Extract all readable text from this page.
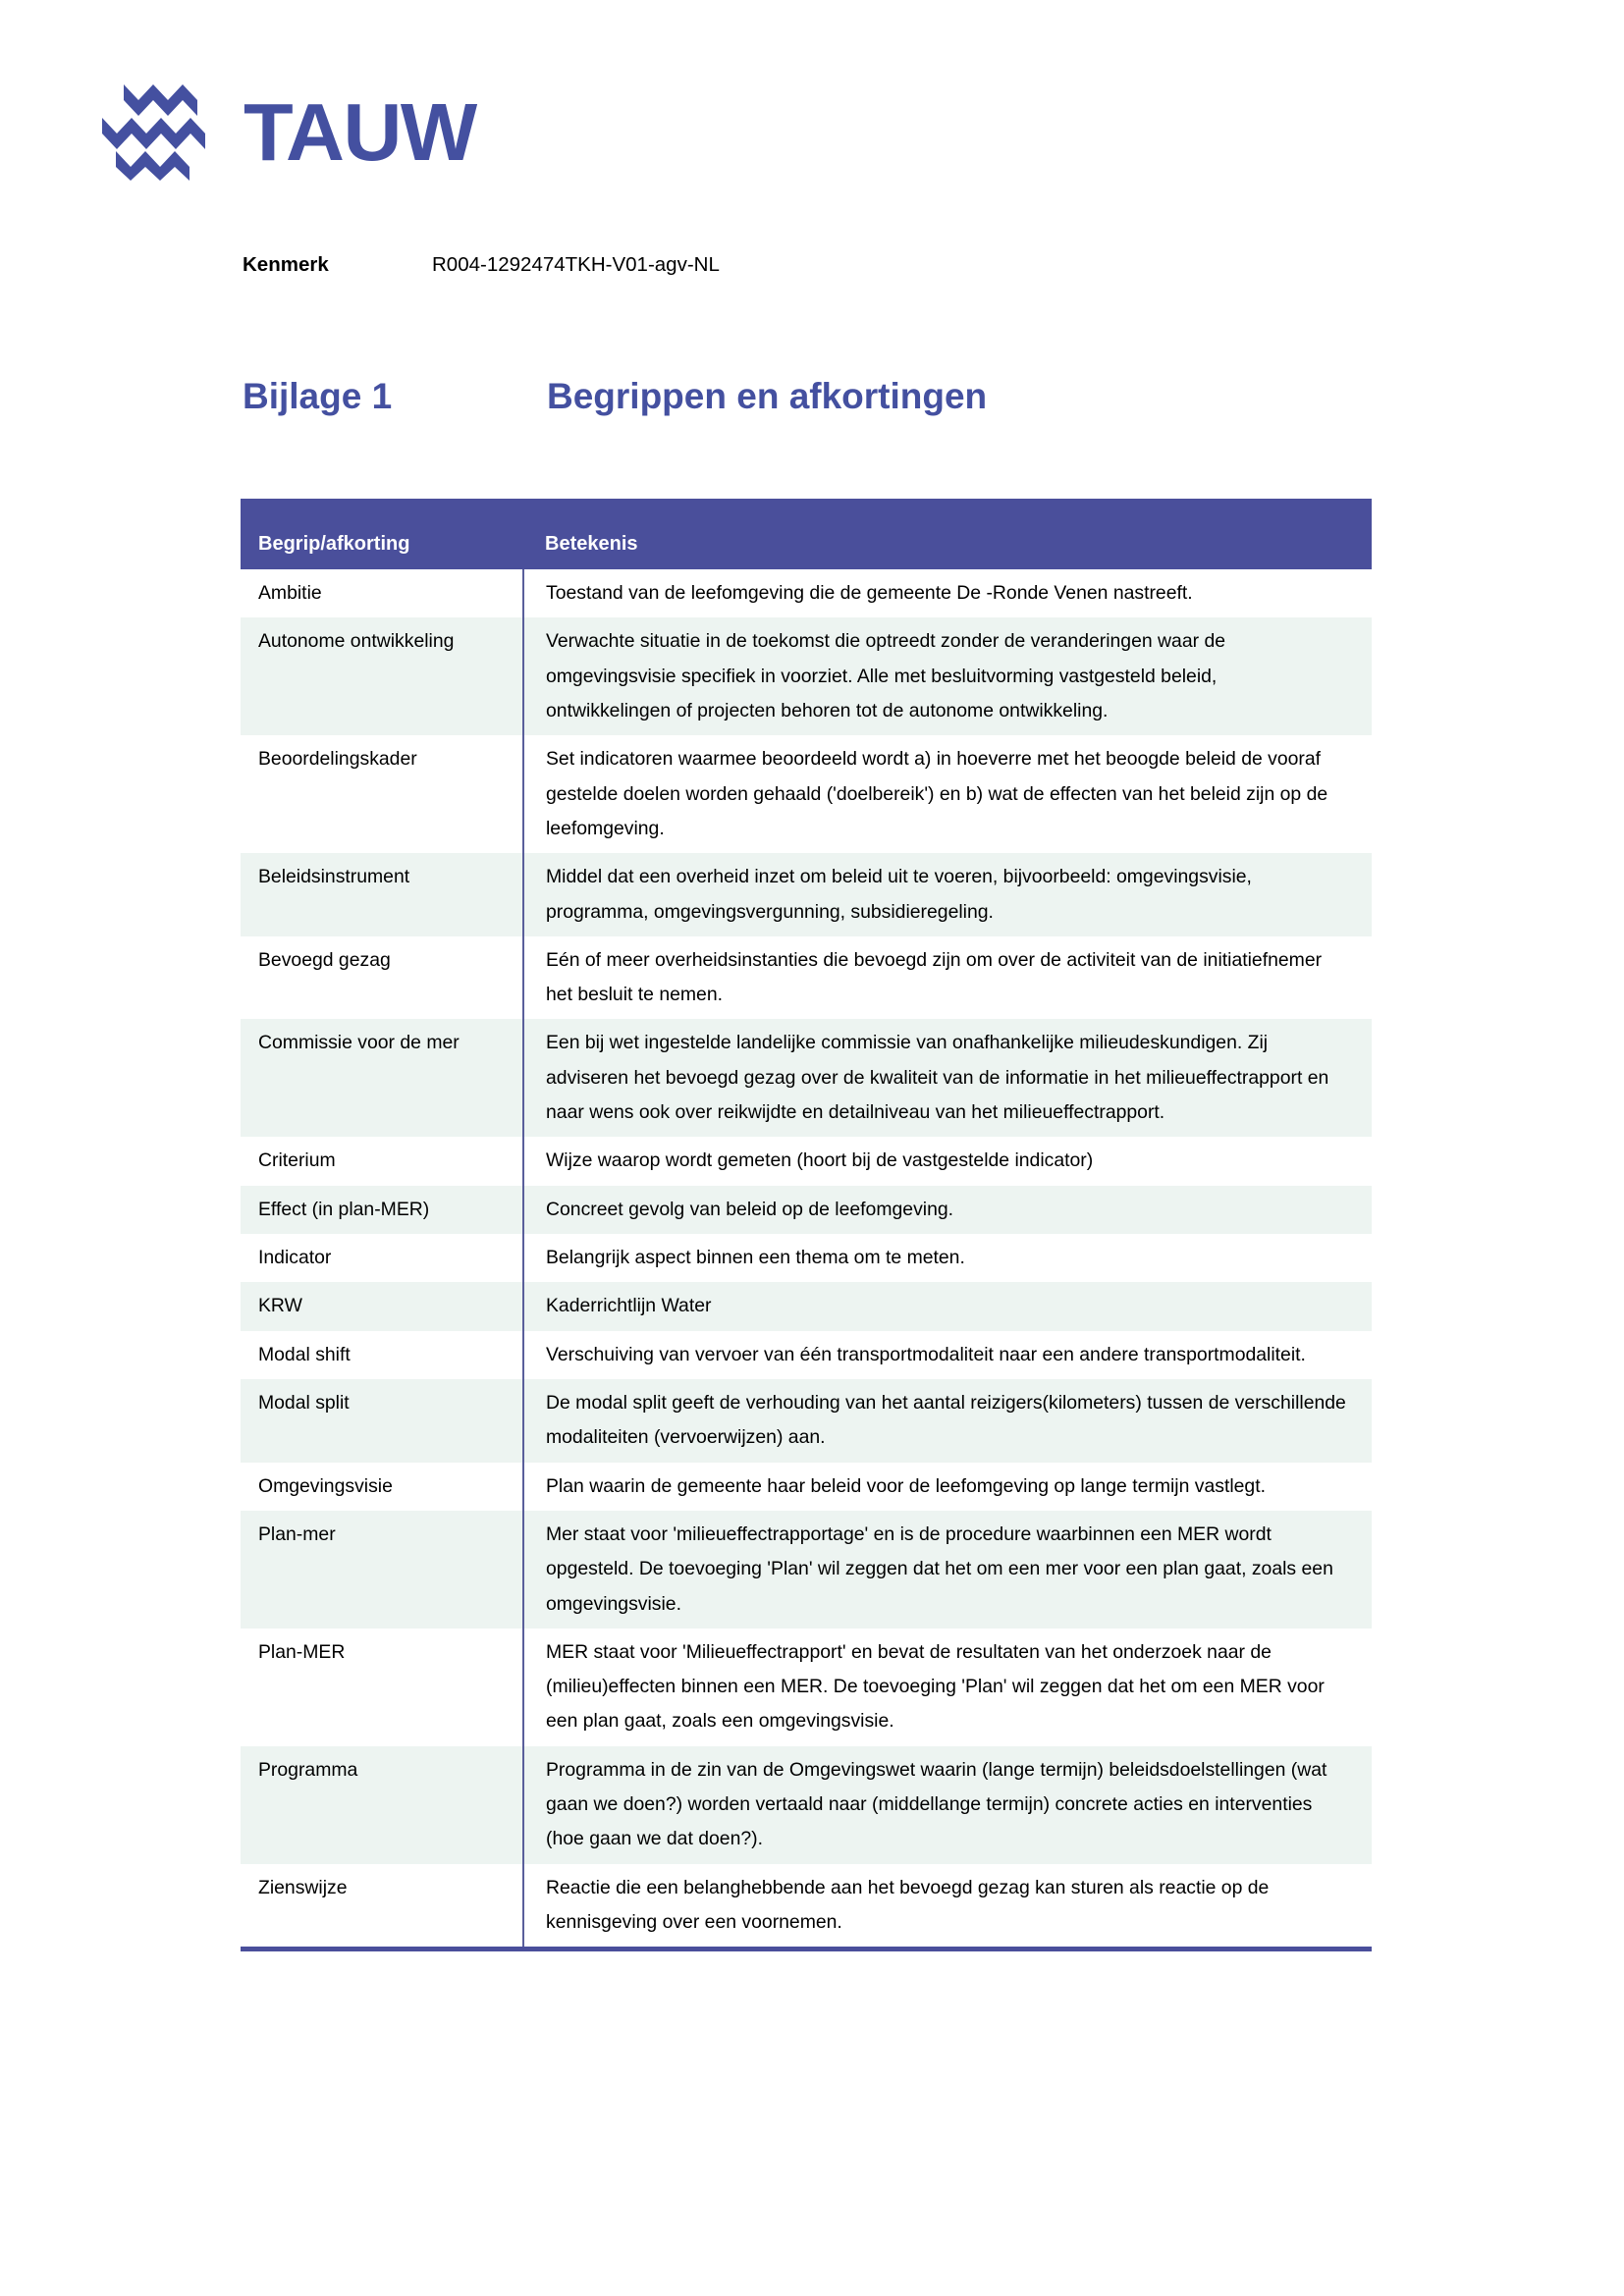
TAUW
Kenmerk	R004-1292474TKH-V01-agv-NL
Bijlage 1	Begrippen en afkortingen
Begrip/afkorting	Betekenis
Ambitie	Toestand van de leefomgeving die de gemeente De -Ronde Venen nastreeft.
Autonome ontwikkeling	Verwachte situatie in de toekomst die optreedt zonder de veranderingen waar de omgevingsvisie specifiek in voorziet. Alle met besluitvorming vastgesteld beleid, ontwikkelingen of projecten behoren tot de autonome ontwikkeling.
Beoordelingskader	Set indicatoren waarmee beoordeeld wordt a) in hoeverre met het beoogde beleid de vooraf gestelde doelen worden gehaald ('doelbereik') en b) wat de effecten van het beleid zijn op de leefomgeving.
Beleidsinstrument	Middel dat een overheid inzet om beleid uit te voeren, bijvoorbeeld: omgevingsvisie, programma, omgevingsvergunning, subsidieregeling.
Bevoegd gezag	Eén of meer overheidsinstanties die bevoegd zijn om over de activiteit van de initiatiefnemer het besluit te nemen.
Commissie voor de mer	Een bij wet ingestelde landelijke commissie van onafhankelijke milieudeskundigen. Zij adviseren het bevoegd gezag over de kwaliteit van de informatie in het milieueffectrapport en naar wens ook over reikwijdte en detailniveau van het milieueffectrapport.
Criterium	Wijze waarop wordt gemeten (hoort bij de vastgestelde indicator)
Effect (in plan-MER)	Concreet gevolg van beleid op de leefomgeving.
Indicator	Belangrijk aspect binnen een thema om te meten.
KRW	Kaderrichtlijn Water
Modal shift	Verschuiving van vervoer van één transportmodaliteit naar een andere transportmodaliteit.
Modal split	De modal split geeft de verhouding van het aantal reizigers(kilometers) tussen de verschillende modaliteiten (vervoerwijzen) aan.
Omgevingsvisie	Plan waarin de gemeente haar beleid voor de leefomgeving op lange termijn vastlegt.
Plan-mer	Mer staat voor 'milieueffectrapportage' en is de procedure waarbinnen een MER wordt opgesteld. De toevoeging 'Plan' wil zeggen dat het om een mer voor een plan gaat, zoals een omgevingsvisie.
Plan-MER	MER staat voor 'Milieueffectrapport' en bevat de resultaten van het onderzoek naar de (milieu)effecten binnen een MER. De toevoeging 'Plan' wil zeggen dat het om een MER voor een plan gaat, zoals een omgevingsvisie.
Programma	Programma in de zin van de Omgevingswet waarin (lange termijn) beleidsdoelstellingen (wat gaan we doen?) worden vertaald naar (middellange termijn) concrete acties en interventies (hoe gaan we dat doen?).
Zienswijze	Reactie die een belanghebbende aan het bevoegd gezag kan sturen als reactie op de kennisgeving over een voornemen.
